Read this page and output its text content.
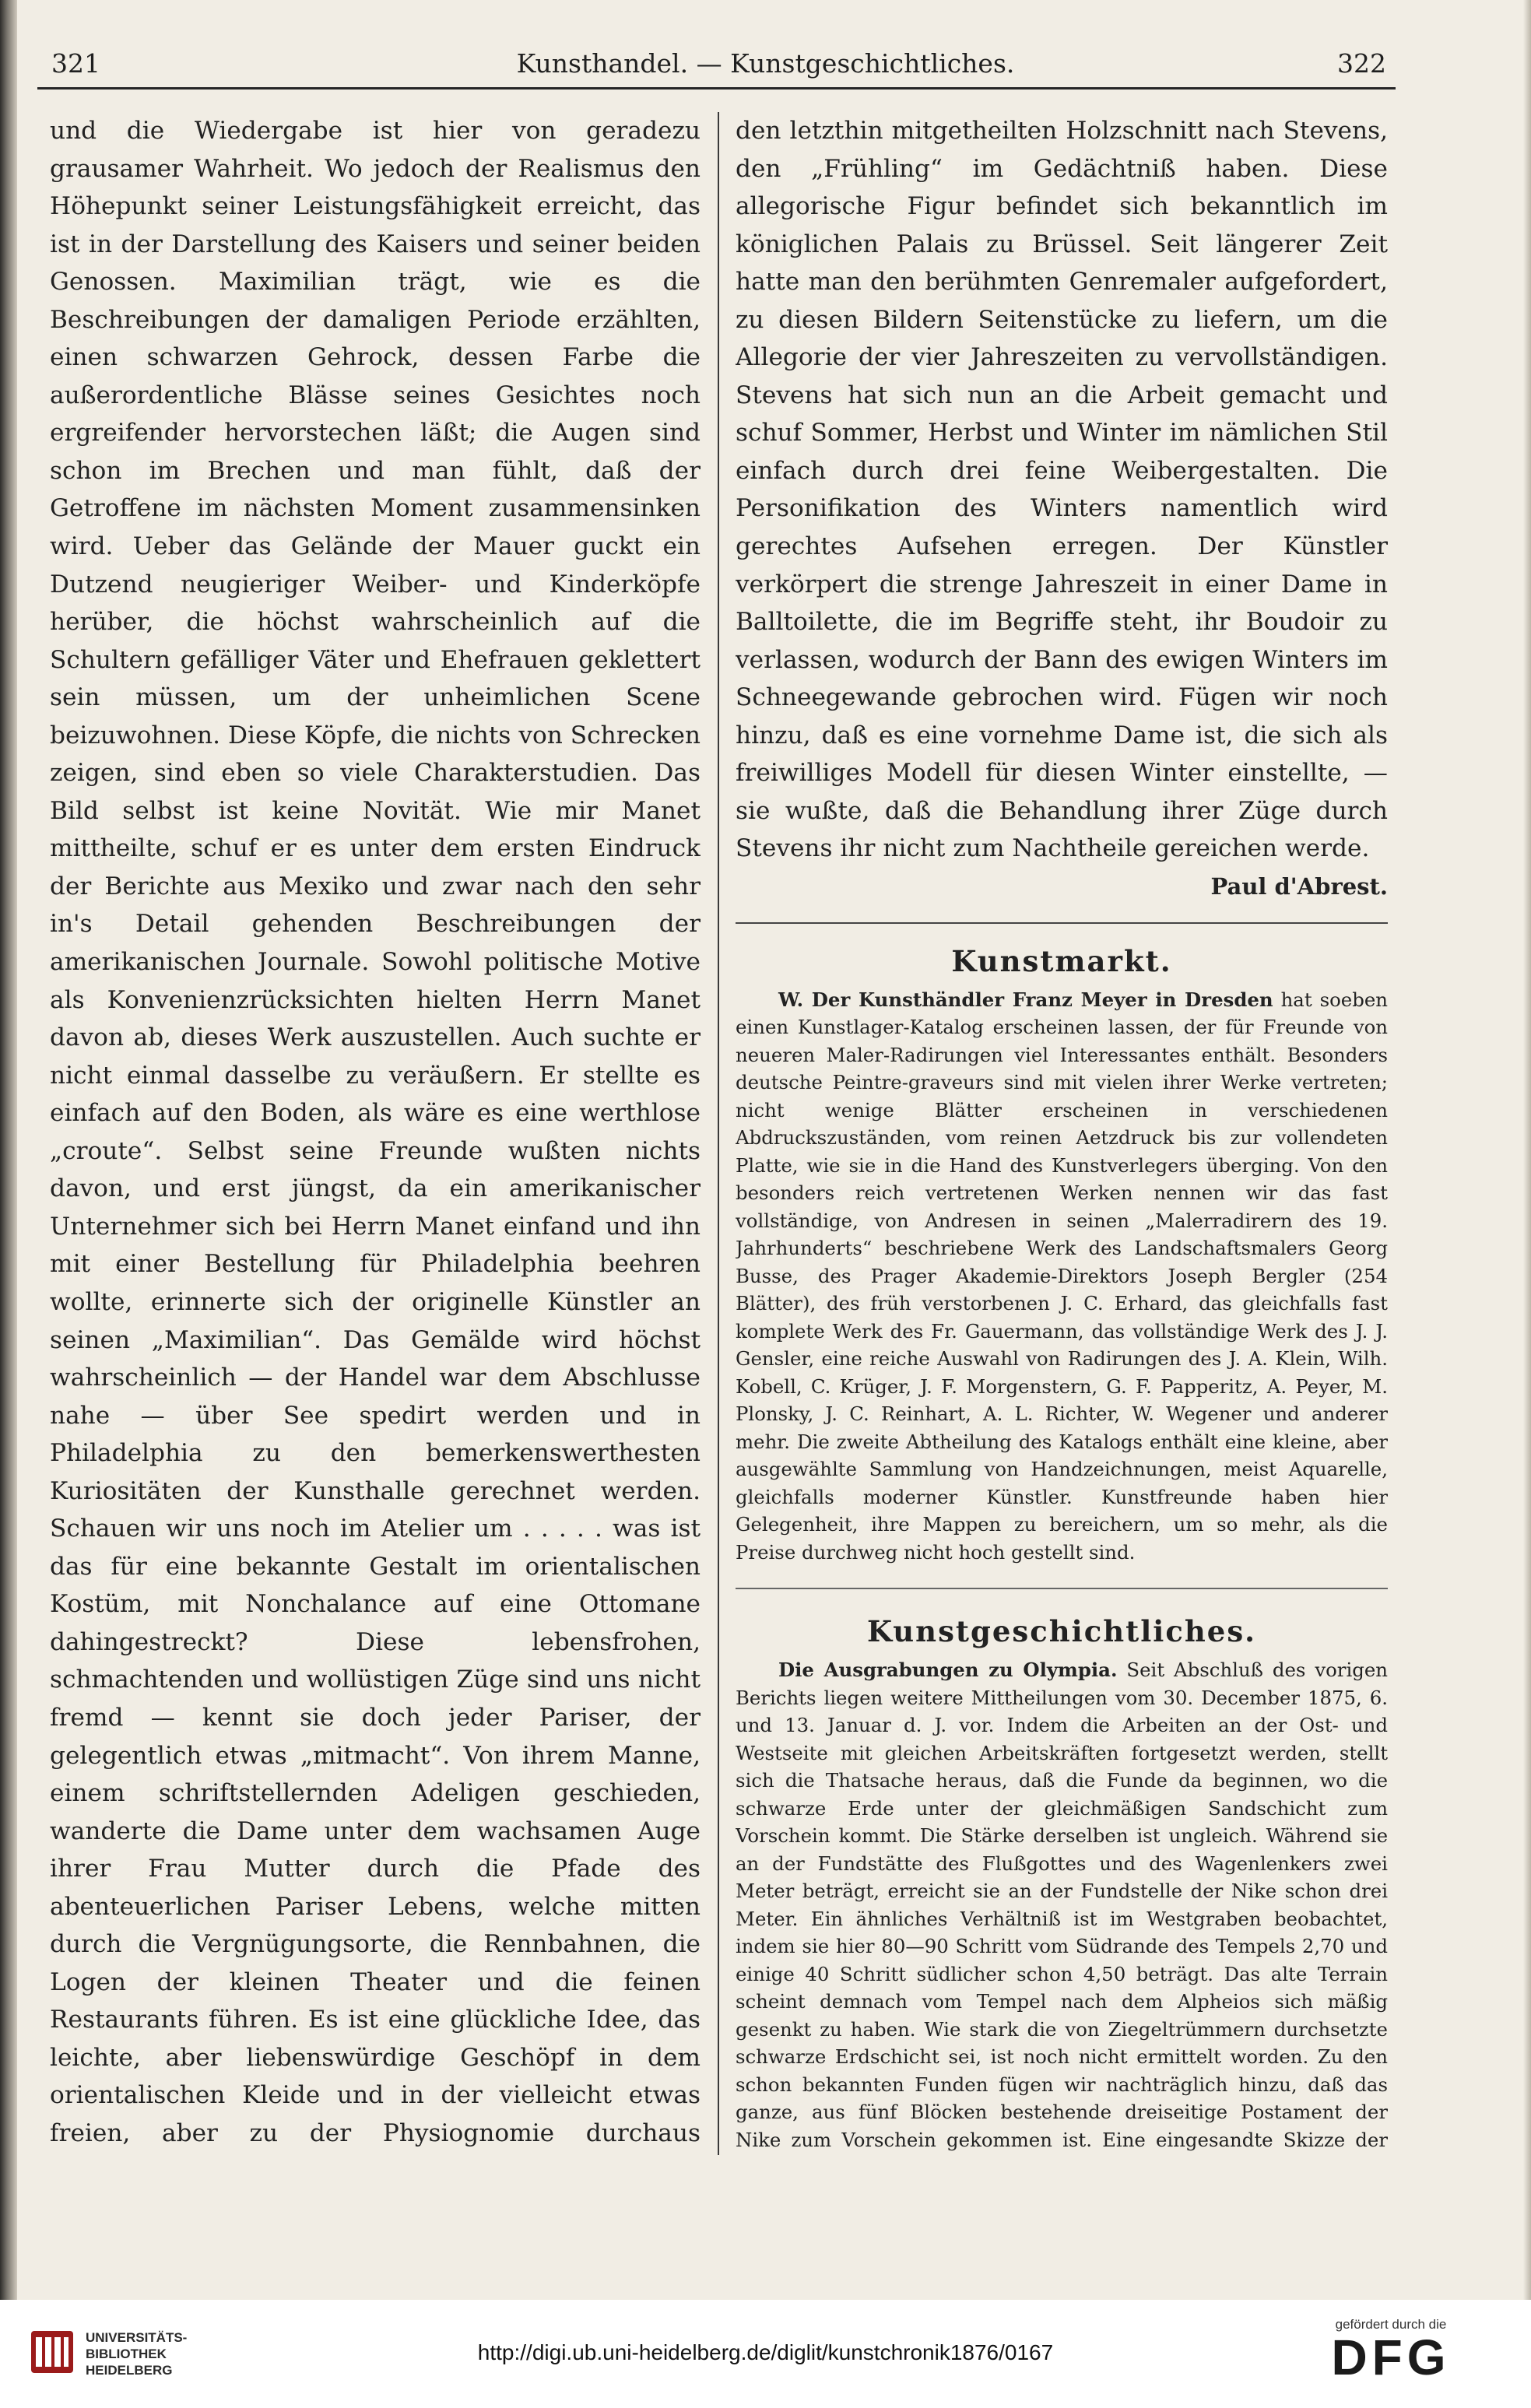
321	Kunsthandel. — Kunstgeschichtliches.	322

und die Wiedergabe ist hier von geradezu grausamer Wahrheit. Wo jedoch der Realismus den Höhepunkt seiner Leistungsfähigkeit erreicht, das ist in der Darstellung des Kaisers und seiner beiden Genossen. Maximilian trägt, wie es die Beschreibungen der damaligen Periode erzählten, einen schwarzen Gehrock, dessen Farbe die außerordentliche Blässe seines Gesichtes noch ergreifender hervorstechen läßt; die Augen sind schon im Brechen und man fühlt, daß der Getroffene im nächsten Moment zusammensinken wird. Ueber das Gelände der Mauer guckt ein Dutzend neugieriger Weiber- und Kinderköpfe herüber, die höchst wahrscheinlich auf die Schultern gefälliger Väter und Ehefrauen geklettert sein müssen, um der unheimlichen Scene beizuwohnen. Diese Köpfe, die nichts von Schrecken zeigen, sind eben so viele Charakterstudien. Das Bild selbst ist keine Novität. Wie mir Manet mittheilte, schuf er es unter dem ersten Eindruck der Berichte aus Mexiko und zwar nach den sehr in's Detail gehenden Beschreibungen der amerikanischen Journale. Sowohl politische Motive als Konvenienzrücksichten hielten Herrn Manet davon ab, dieses Werk auszustellen. Auch suchte er nicht einmal dasselbe zu veräußern. Er stellte es einfach auf den Boden, als wäre es eine werthlose „croute“. Selbst seine Freunde wußten nichts davon, und erst jüngst, da ein amerikanischer Unternehmer sich bei Herrn Manet einfand und ihn mit einer Bestellung für Philadelphia beehren wollte, erinnerte sich der originelle Künstler an seinen „Maximilian“. Das Gemälde wird höchst wahrscheinlich — der Handel war dem Abschlusse nahe — über See spedirt werden und in Philadelphia zu den bemerkenswerthesten Kuriositäten der Kunsthalle gerechnet werden. Schauen wir uns noch im Atelier um . . . . . was ist das für eine bekannte Gestalt im orientalischen Kostüm, mit Nonchalance auf eine Ottomane dahingestreckt? Diese lebensfrohen, schmachtenden und wollüstigen Züge sind uns nicht fremd — kennt sie doch jeder Pariser, der gelegentlich etwas „mitmacht“. Von ihrem Manne, einem schriftstellernden Adeligen geschieden, wanderte die Dame unter dem wachsamen Auge ihrer Frau Mutter durch die Pfade des abenteuerlichen Pariser Lebens, welche mitten durch die Vergnügungsorte, die Rennbahnen, die Logen der kleinen Theater und die feinen Restaurants führen. Es ist eine glückliche Idee, das leichte, aber liebenswürdige Geschöpf in dem orientalischen Kleide und in der vielleicht etwas freien, aber zu der Physiognomie durchaus

den letzthin mitgetheilten Holzschnitt nach Stevens, den „Frühling“ im Gedächtniß haben. Diese allegorische Figur befindet sich bekanntlich im königlichen Palais zu Brüssel. Seit längerer Zeit hatte man den berühmten Genremaler aufgefordert, zu diesen Bildern Seitenstücke zu liefern, um die Allegorie der vier Jahreszeiten zu vervollständigen. Stevens hat sich nun an die Arbeit gemacht und schuf Sommer, Herbst und Winter im nämlichen Stil einfach durch drei feine Weibergestalten. Die Personifikation des Winters namentlich wird gerechtes Aufsehen erregen. Der Künstler verkörpert die strenge Jahreszeit in einer Dame in Balltoilette, die im Begriffe steht, ihr Boudoir zu verlassen, wodurch der Bann des ewigen Winters im Schneegewande gebrochen wird. Fügen wir noch hinzu, daß es eine vornehme Dame ist, die sich als freiwilliges Modell für diesen Winter einstellte, — sie wußte, daß die Behandlung ihrer Züge durch Stevens ihr nicht zum Nachtheile gereichen werde.

Paul d'Abrest.

Kunstmarkt.

W. Der Kunsthändler Franz Meyer in Dresden hat soeben einen Kunstlager-Katalog erscheinen lassen, der für Freunde von neueren Maler-Radirungen viel Interessantes enthält. Besonders deutsche Peintre-graveurs sind mit vielen ihrer Werke vertreten; nicht wenige Blätter erscheinen in verschiedenen Abdruckszuständen, vom reinen Aetzdruck bis zur vollendeten Platte, wie sie in die Hand des Kunstverlegers überging. Von den besonders reich vertretenen Werken nennen wir das fast vollständige, von Andresen in seinen „Malerradirern des 19. Jahrhunderts“ beschriebene Werk des Landschaftsmalers Georg Busse, des Prager Akademie-Direktors Joseph Bergler (254 Blätter), des früh verstorbenen J. C. Erhard, das gleichfalls fast komplete Werk des Fr. Gauermann, das vollständige Werk des J. J. Gensler, eine reiche Auswahl von Radirungen des J. A. Klein, Wilh. Kobell, C. Krüger, J. F. Morgenstern, G. F. Papperitz, A. Peyer, M. Plonsky, J. C. Reinhart, A. L. Richter, W. Wegener und anderer mehr. Die zweite Abtheilung des Katalogs enthält eine kleine, aber ausgewählte Sammlung von Handzeichnungen, meist Aquarelle, gleichfalls moderner Künstler. Kunstfreunde haben hier Gelegenheit, ihre Mappen zu bereichern, um so mehr, als die Preise durchweg nicht hoch gestellt sind.

Kunstgeschichtliches.

Die Ausgrabungen zu Olympia. Seit Abschluß des vorigen Berichts liegen weitere Mittheilungen vom 30. December 1875, 6. und 13. Januar d. J. vor. Indem die Arbeiten an der Ost- und Westseite mit gleichen Arbeitskräften fortgesetzt werden, stellt sich die Thatsache heraus, daß die Funde da beginnen, wo die schwarze Erde unter der gleichmäßigen Sandschicht zum Vorschein kommt. Die Stärke derselben ist ungleich. Während sie an der Fundstätte des Flußgottes und des Wagenlenkers zwei Meter beträgt, erreicht sie an der Fundstelle der Nike schon drei Meter. Ein ähnliches Verhältniß ist im Westgraben beobachtet, indem sie hier 80—90 Schritt vom Südrande des Tempels 2,70 und einige 40 Schritt südlicher schon 4,50 beträgt. Das alte Terrain scheint demnach vom Tempel nach dem Alpheios sich mäßig gesenkt zu haben. Wie stark die von Ziegeltrümmern durchsetzte schwarze Erdschicht sei, ist noch nicht ermittelt worden. Zu den schon bekannten Funden fügen wir nachträglich hinzu, daß das ganze, aus fünf Blöcken bestehende dreiseitige Postament der Nike zum Vorschein gekommen ist. Eine eingesandte Skizze der

UNIVERSITÄTS-
BIBLIOTHEK
HEIDELBERG
http://digi.ub.uni-heidelberg.de/diglit/kunstchronik1876/0167
gefördert durch die
DFG
